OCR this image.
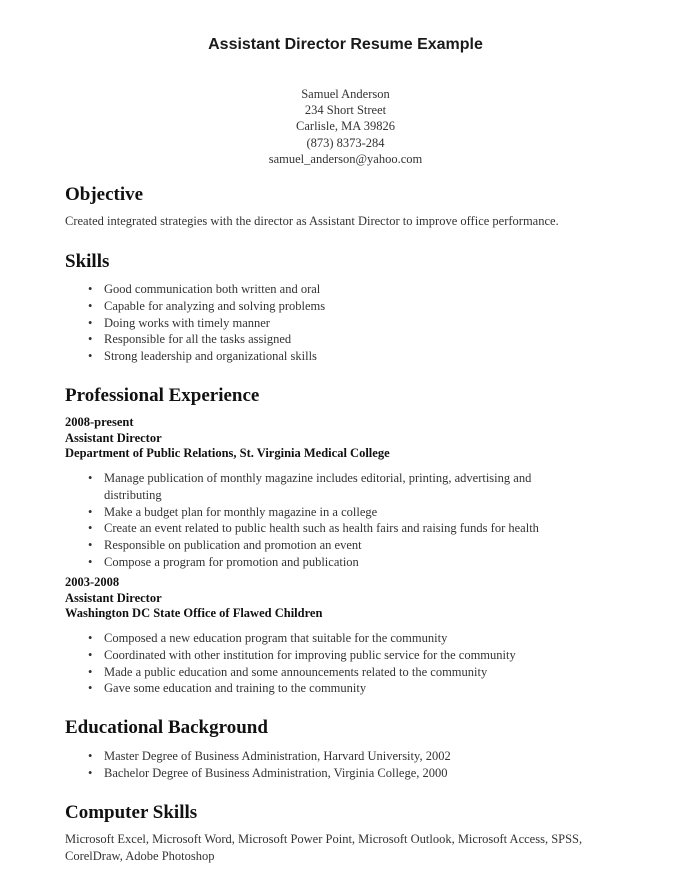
Assistant Director Resume Example
Samuel Anderson
234 Short Street
Carlisle, MA 39826
(873) 8373-284
samuel_anderson@yahoo.com
Objective
Created integrated strategies with the director as Assistant Director to improve office performance.
Skills
• Good communication both written and oral
• Capable for analyzing and solving problems
• Doing works with timely manner
• Responsible for all the tasks assigned
• Strong leadership and organizational skills
Professional Experience
2008-present
Assistant Director
Department of Public Relations, St. Virginia Medical College
• Manage publication of monthly magazine includes editorial, printing, advertising and
distributing
• Make a budget plan for monthly magazine in a college
• Create an event related to public health such as health fairs and raising funds for health
• Responsible on publication and promotion an event
• Compose a program for promotion and publication
2003-2008
Assistant Director
Washington DC State Office of Flawed Children
• Composed a new education program that suitable for the community
• Coordinated with other institution for improving public service for the community
• Made a public education and some announcements related to the community
• Gave some education and training to the community
Educational Background
• Master Degree of Business Administration, Harvard University, 2002
• Bachelor Degree of Business Administration, Virginia College, 2000
Computer Skills
Microsoft Excel, Microsoft Word, Microsoft Power Point, Microsoft Outlook, Microsoft Access, SPSS,
CorelDraw, Adobe Photoshop
